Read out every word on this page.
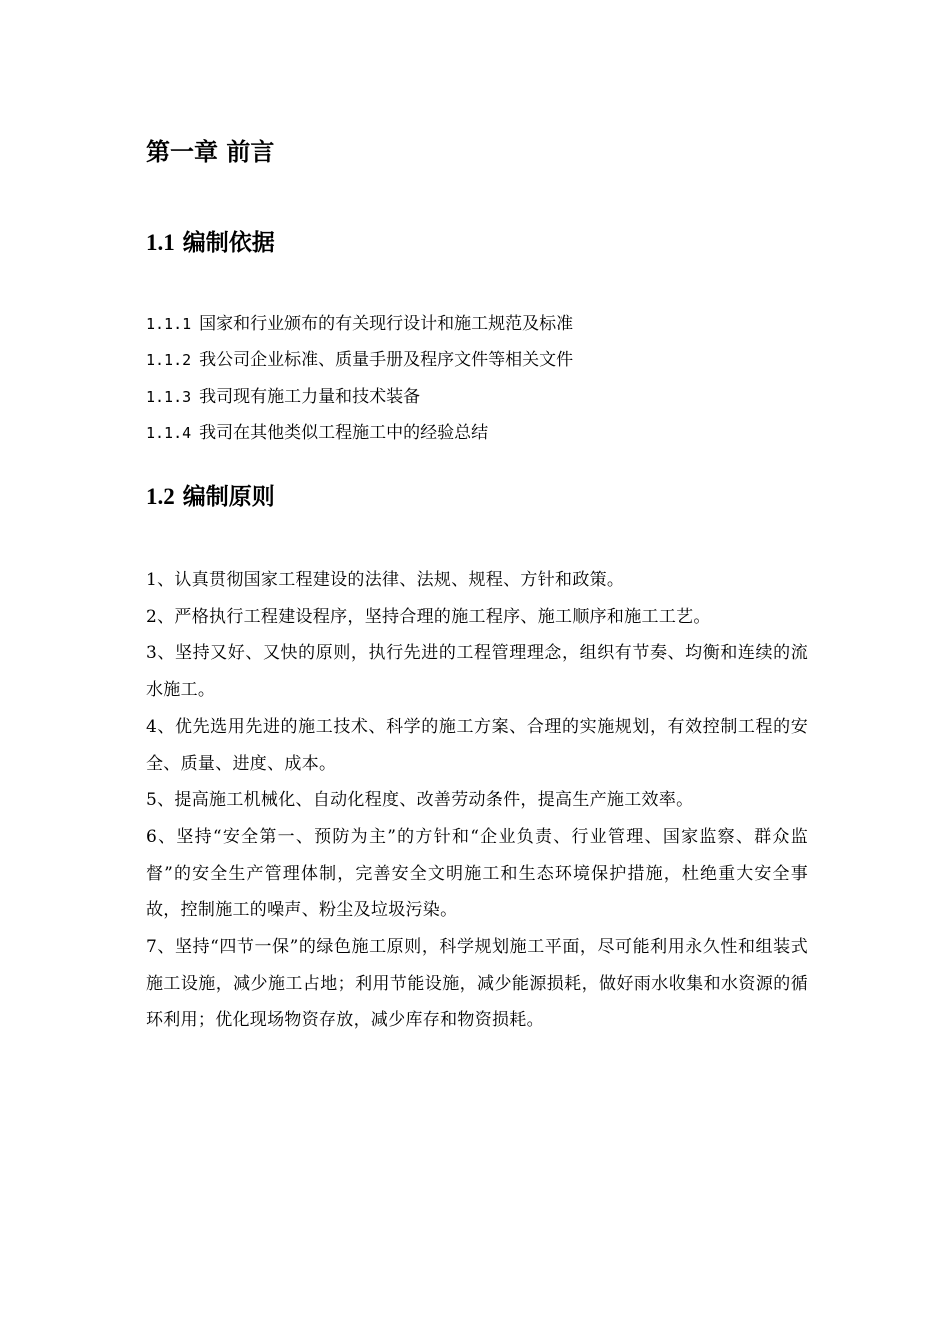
第一章 前言
1.1 编制依据
1.1.1 国家和行业颁布的有关现行设计和施工规范及标准
1.1.2 我公司企业标准、质量手册及程序文件等相关文件
1.1.3 我司现有施工力量和技术装备
1.1.4 我司在其他类似工程施工中的经验总结
1.2 编制原则
1、认真贯彻国家工程建设的法律、法规、规程、方针和政策。
2、严格执行工程建设程序，坚持合理的施工程序、施工顺序和施工工艺。
3、坚持又好、又快的原则，执行先进的工程管理理念，组织有节奏、均衡和连续的流水施工。
4、优先选用先进的施工技术、科学的施工方案、合理的实施规划，有效控制工程的安全、质量、进度、成本。
5、提高施工机械化、自动化程度、改善劳动条件，提高生产施工效率。
6、坚持“安全第一、预防为主”的方针和“企业负责、行业管理、国家监察、群众监督”的安全生产管理体制，完善安全文明施工和生态环境保护措施，杜绝重大安全事故，控制施工的噪声、粉尘及垃圾污染。
7、坚持“四节一保”的绿色施工原则，科学规划施工平面，尽可能利用永久性和组装式施工设施，减少施工占地；利用节能设施，减少能源损耗，做好雨水收集和水资源的循环利用；优化现场物资存放，减少库存和物资损耗。
